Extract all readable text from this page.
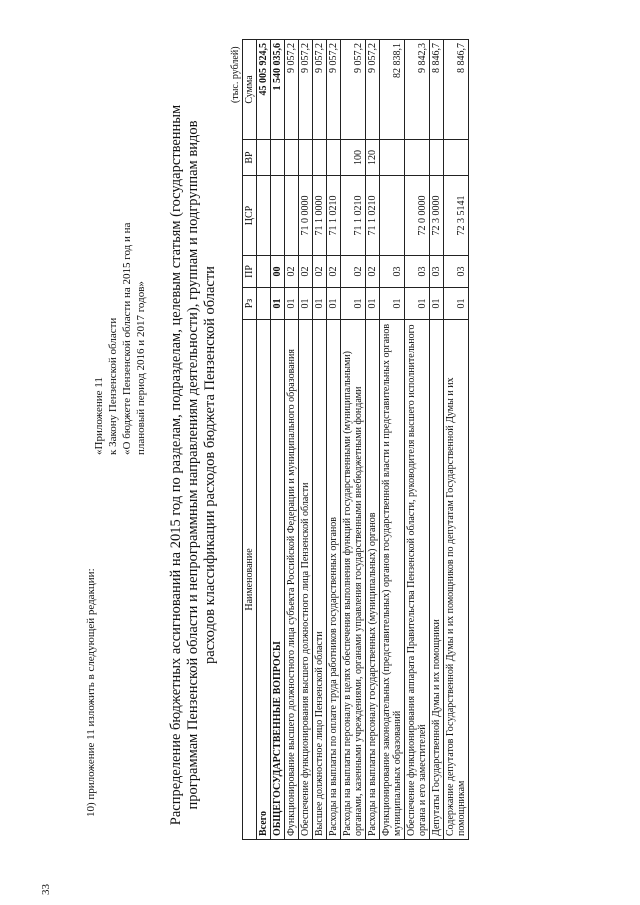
33
10) приложение 11 изложить в следующей редакции:
«Приложение 11 к Закону Пензенской области «О бюджете Пензенской области на 2015 год и на плановый период 2016 и 2017 годов» Распределение бюджетных ассигнований на 2015 год по разделам, подразделам, целевым статьям (государственным программам Пензенской области и непрограммным направлениям деятельности), группам и подгруппам видов расходов классификации расходов бюджета Пензенской области
(тыс. рублей)
Наименование	Рз	ПР	ЦСР	ВР	Сумма
Всего					45 005 924,5
ОБЩЕГОСУДАРСТВЕННЫЕ ВОПРОСЫ	01	00			1 540 035,6
Функционирование высшего должностного лица субъекта Российской Федерации и муниципального образования	01	02			9 057,2
Обеспечение функционирования высшего должностного лица Пензенской области	01	02	71 0 0000		9 057,2
Высшее должностное лицо Пензенской области	01	02	71 1 0000		9 057,2
Расходы на выплаты по оплате труда работников государственных органов	01	02	71 1 0210		9 057,2
Расходы на выплаты персоналу в целях обеспечения выполнения функций государственными (муниципальными) органами, казенными учреждениями, органами управления государственными внебюджетными фондами	01	02	71 1 0210	100	9 057,2
Расходы на выплаты персоналу государственных (муниципальных) органов	01	02	71 1 0210	120	9 057,2
Функционирование законодательных (представительных) органов государственной власти и представительных органов муниципальных образований	01	03			82 838,1
Обеспечение функционирования аппарата Правительства Пензенской области, руководителя высшего исполнительного органа и его заместителей	01	03	72 0 0000		9 842,3
Депутаты Государственной Думы и их помощники	01	03	72 3 0000		8 846,7
Содержание депутатов Государственной Думы и их помощников по депутатам Государственной Думы и их помощникам	01	03	72 3 5141		8 846,7
